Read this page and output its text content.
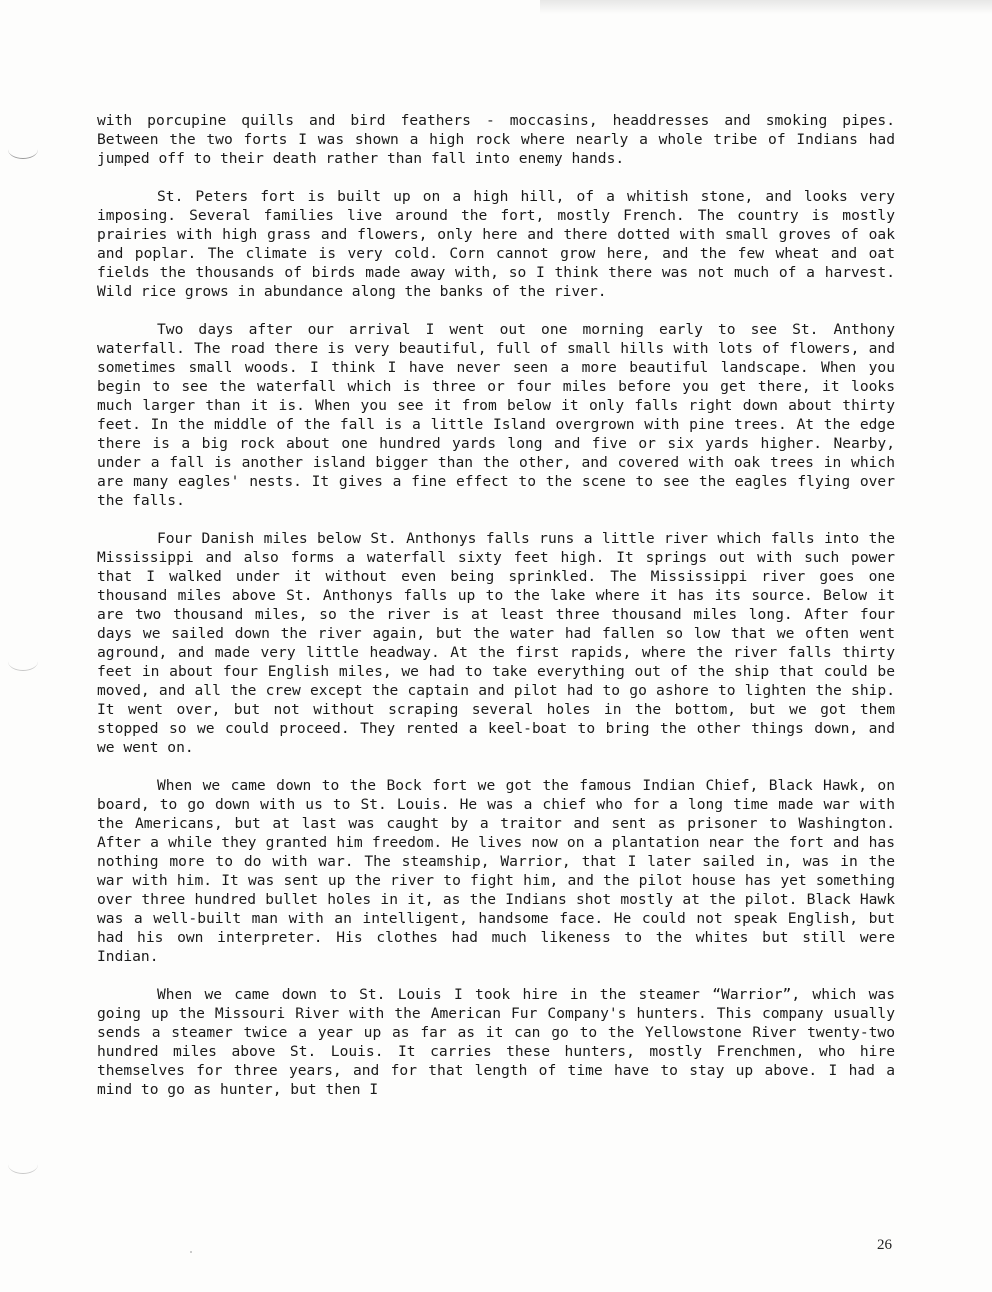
with porcupine quills and bird feathers - moccasins, headdresses and smoking pipes. Between the two forts I was shown a high rock where nearly a whole tribe of Indians had jumped off to their death rather than fall into enemy hands.

St. Peters fort is built up on a high hill, of a whitish stone, and looks very imposing. Several families live around the fort, mostly French. The country is mostly prairies with high grass and flowers, only here and there dotted with small groves of oak and poplar. The climate is very cold. Corn cannot grow here, and the few wheat and oat fields the thousands of birds made away with, so I think there was not much of a harvest. Wild rice grows in abundance along the banks of the river.

Two days after our arrival I went out one morning early to see St. Anthony waterfall. The road there is very beautiful, full of small hills with lots of flowers, and sometimes small woods. I think I have never seen a more beautiful landscape. When you begin to see the waterfall which is three or four miles before you get there, it looks much larger than it is. When you see it from below it only falls right down about thirty feet. In the middle of the fall is a little Island overgrown with pine trees. At the edge there is a big rock about one hundred yards long and five or six yards higher. Nearby, under a fall is another island bigger than the other, and covered with oak trees in which are many eagles' nests. It gives a fine effect to the scene to see the eagles flying over the falls.

Four Danish miles below St. Anthonys falls runs a little river which falls into the Mississippi and also forms a waterfall sixty feet high. It springs out with such power that I walked under it without even being sprinkled. The Mississippi river goes one thousand miles above St. Anthonys falls up to the lake where it has its source. Below it are two thousand miles, so the river is at least three thousand miles long. After four days we sailed down the river again, but the water had fallen so low that we often went aground, and made very little headway. At the first rapids, where the river falls thirty feet in about four English miles, we had to take everything out of the ship that could be moved, and all the crew except the captain and pilot had to go ashore to lighten the ship. It went over, but not without scraping several holes in the bottom, but we got them stopped so we could proceed. They rented a keel-boat to bring the other things down, and we went on.

When we came down to the Bock fort we got the famous Indian Chief, Black Hawk, on board, to go down with us to St. Louis. He was a chief who for a long time made war with the Americans, but at last was caught by a traitor and sent as prisoner to Washington. After a while they granted him freedom. He lives now on a plantation near the fort and has nothing more to do with war. The steamship, Warrior, that I later sailed in, was in the war with him. It was sent up the river to fight him, and the pilot house has yet something over three hundred bullet holes in it, as the Indians shot mostly at the pilot. Black Hawk was a well-built man with an intelligent, handsome face. He could not speak English, but had his own interpreter. His clothes had much likeness to the whites but still were Indian.

When we came down to St. Louis I took hire in the steamer “Warrior”, which was going up the Missouri River with the American Fur Company's hunters. This company usually sends a steamer twice a year up as far as it can go to the Yellowstone River twenty-two hundred miles above St. Louis. It carries these hunters, mostly Frenchmen, who hire themselves for three years, and for that length of time have to stay up above. I had a mind to go as hunter, but then I

26
